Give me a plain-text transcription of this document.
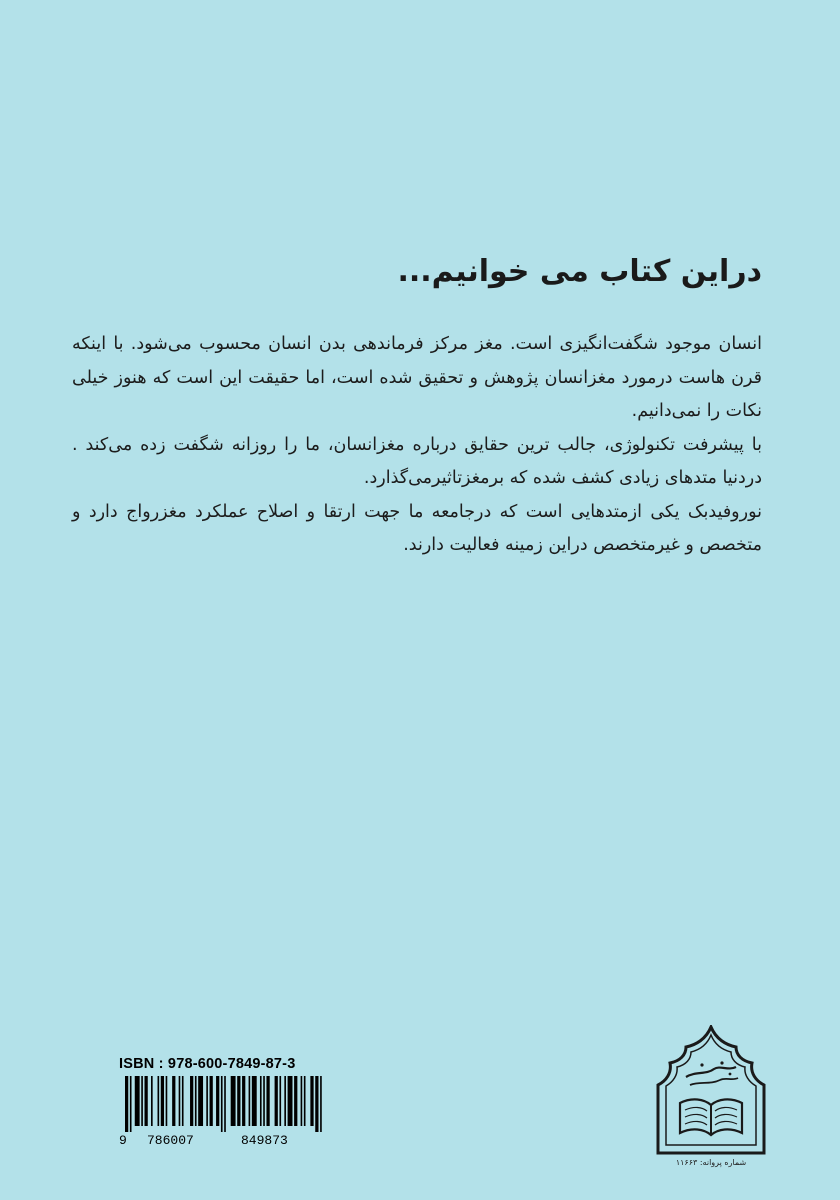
دراین کتاب می خوانیم...

انسان موجود شگفت‌انگیزی است. مغز مرکز فرماندهی بدن انسان محسوب می‌شود. با اینکه قرن هاست درمورد مغزانسان پژوهش و تحقیق شده است، اما حقیقت این است که هنوز خیلی نکات را نمی‌دانیم.

با پیشرفت تکنولوژی، جالب ترین حقایق درباره مغزانسان، ما را روزانه شگفت زده می‌کند . دردنیا متدهای زیادی کشف شده که برمغزتاثیرمی‌گذارد.

نوروفیدبک یکی ازمتدهایی است که درجامعه ما جهت ارتقا و اصلاح عملکرد مغزرواج دارد و متخصص و غیرمتخصص دراین زمینه فعالیت دارند.

ISBN : 978-600-7849-87-3
9 786007	849873
شماره پروانه: ۱۱۶۶۳
